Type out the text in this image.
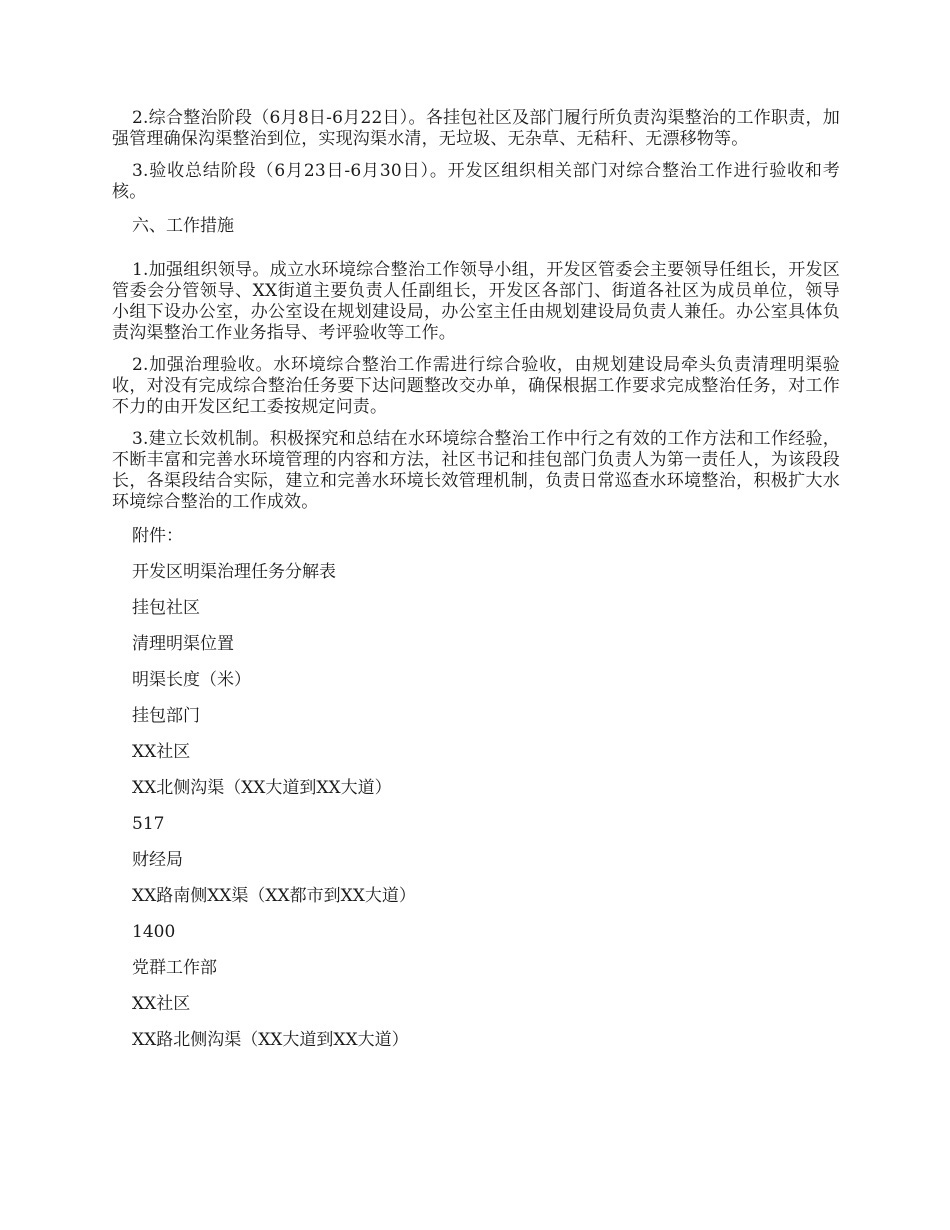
2.综合整治阶段（6月8日-6月22日）。各挂包社区及部门履行所负责沟渠整治的工作职责，加强管理确保沟渠整治到位，实现沟渠水清，无垃圾、无杂草、无秸秆、无漂移物等。

3.验收总结阶段（6月23日-6月30日）。开发区组织相关部门对综合整治工作进行验收和考核。

六、工作措施

1.加强组织领导。成立水环境综合整治工作领导小组，开发区管委会主要领导任组长，开发区管委会分管领导、XX街道主要负责人任副组长，开发区各部门、街道各社区为成员单位，领导小组下设办公室，办公室设在规划建设局，办公室主任由规划建设局负责人兼任。办公室具体负责沟渠整治工作业务指导、考评验收等工作。

2.加强治理验收。水环境综合整治工作需进行综合验收，由规划建设局牵头负责清理明渠验收，对没有完成综合整治任务要下达问题整改交办单，确保根据工作要求完成整治任务，对工作不力的由开发区纪工委按规定问责。

3.建立长效机制。积极探究和总结在水环境综合整治工作中行之有效的工作方法和工作经验，不断丰富和完善水环境管理的内容和方法，社区书记和挂包部门负责人为第一责任人，为该段段长，各渠段结合实际，建立和完善水环境长效管理机制，负责日常巡查水环境整治，积极扩大水环境综合整治的工作成效。

附件：

开发区明渠治理任务分解表

挂包社区

清理明渠位置

明渠长度（米）

挂包部门

XX社区

XX北侧沟渠（XX大道到XX大道）

517

财经局

XX路南侧XX渠（XX都市到XX大道）

1400

党群工作部

XX社区

XX路北侧沟渠（XX大道到XX大道）
